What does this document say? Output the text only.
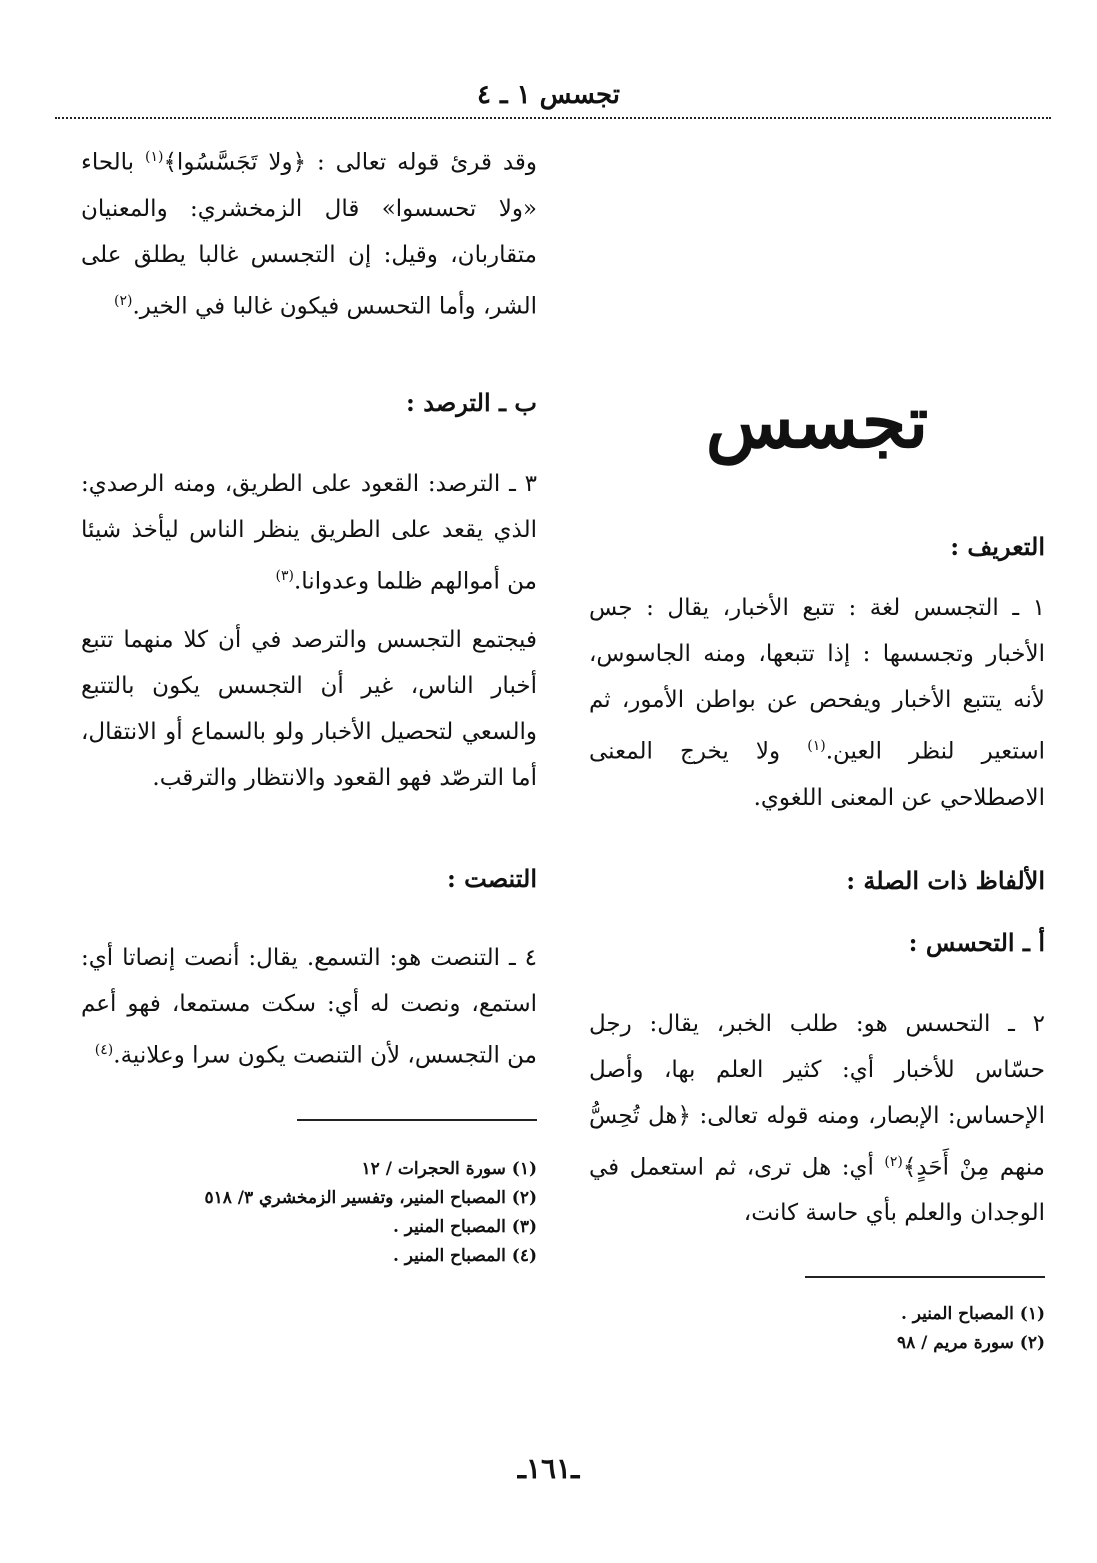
تجسس ١ ـ ٤

تجسس

التعريف :

١ ـ التجسس لغة : تتبع الأخبار، يقال : جس الأخبار وتجسسها : إذا تتبعها، ومنه الجاسوس، لأنه يتتبع الأخبار ويفحص عن بواطن الأمور، ثم استعير لنظر العين.$^{(١)}$ ولا يخرج المعنى الاصطلاحي عن المعنى اللغوي.

الألفاظ ذات الصلة :

أ ـ التحسس :

٢ ـ التحسس هو: طلب الخبر، يقال: رجل حسّاس للأخبار أي: كثير العلم بها، وأصل الإحساس: الإبصار، ومنه قوله تعالى: ﴿هل تُحِسُّ منهم مِنْ أَحَدٍ﴾$^{(٢)}$ أي: هل ترى، ثم استعمل في الوجدان والعلم بأي حاسة كانت،

(١) المصباح المنير .

(٢) سورة مريم / ٩٨

وقد قرئ قوله تعالى : ﴿ولا تَجَسَّسُوا﴾$^{(١)}$ بالحاء «ولا تحسسوا» قال الزمخشري: والمعنيان متقاربان، وقيل: إن التجسس غالبا يطلق على الشر، وأما التحسس فيكون غالبا في الخير.$^{(٢)}$

ب ـ الترصد :

٣ ـ الترصد: القعود على الطريق، ومنه الرصدي: الذي يقعد على الطريق ينظر الناس ليأخذ شيئا من أموالهم ظلما وعدوانا.$^{(٣)}$

فيجتمع التجسس والترصد في أن كلا منهما تتبع أخبار الناس، غير أن التجسس يكون بالتتبع والسعي لتحصيل الأخبار ولو بالسماع أو الانتقال، أما الترصّد فهو القعود والانتظار والترقب.

التنصت :

٤ ـ التنصت هو: التسمع. يقال: أنصت إنصاتا أي: استمع، ونصت له أي: سكت مستمعا، فهو أعم من التجسس، لأن التنصت يكون سرا وعلانية.$^{(٤)}$

(١) سورة الحجرات / ١٢

(٢) المصباح المنير، وتفسير الزمخشري ٣/ ٥١٨

(٣) المصباح المنير .

(٤) المصباح المنير .

ـ١٦١ـ
